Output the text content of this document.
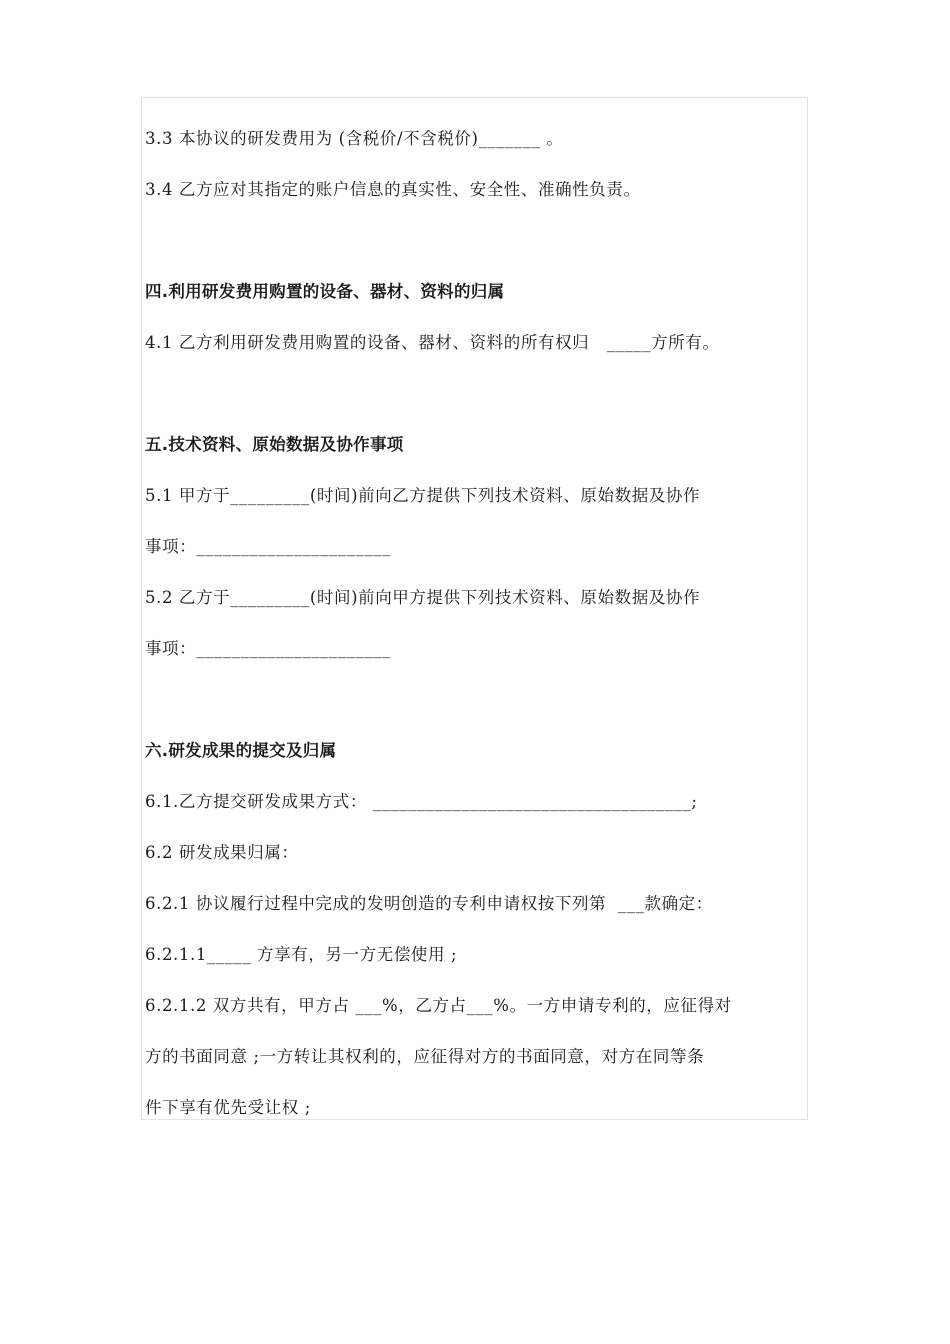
3.3 本协议的研发费用为 (含税价/不含税价)_______ 。
3.4 乙方应对其指定的账户信息的真实性、安全性、准确性负责。
四.利用研发费用购置的设备、器材、资料的归属
4.1 乙方利用研发费用购置的设备、器材、资料的所有权归   _____方所有。
五.技术资料、原始数据及协作事项
5.1 甲方于_________(时间)前向乙方提供下列技术资料、原始数据及协作
事项：______________________
5.2 乙方于_________(时间)前向甲方提供下列技术资料、原始数据及协作
事项：______________________
六.研发成果的提交及归属
6.1.乙方提交研发成果方式： ____________________________________;
6.2 研发成果归属：
6.2.1 协议履行过程中完成的发明创造的专利申请权按下列第  ___款确定：
6.2.1.1_____ 方享有，另一方无偿使用 ;
6.2.1.2 双方共有，甲方占 ___%，乙方占___%。一方申请专利的，应征得对
方的书面同意 ;一方转让其权利的，应征得对方的书面同意，对方在同等条
件下享有优先受让权 ;
